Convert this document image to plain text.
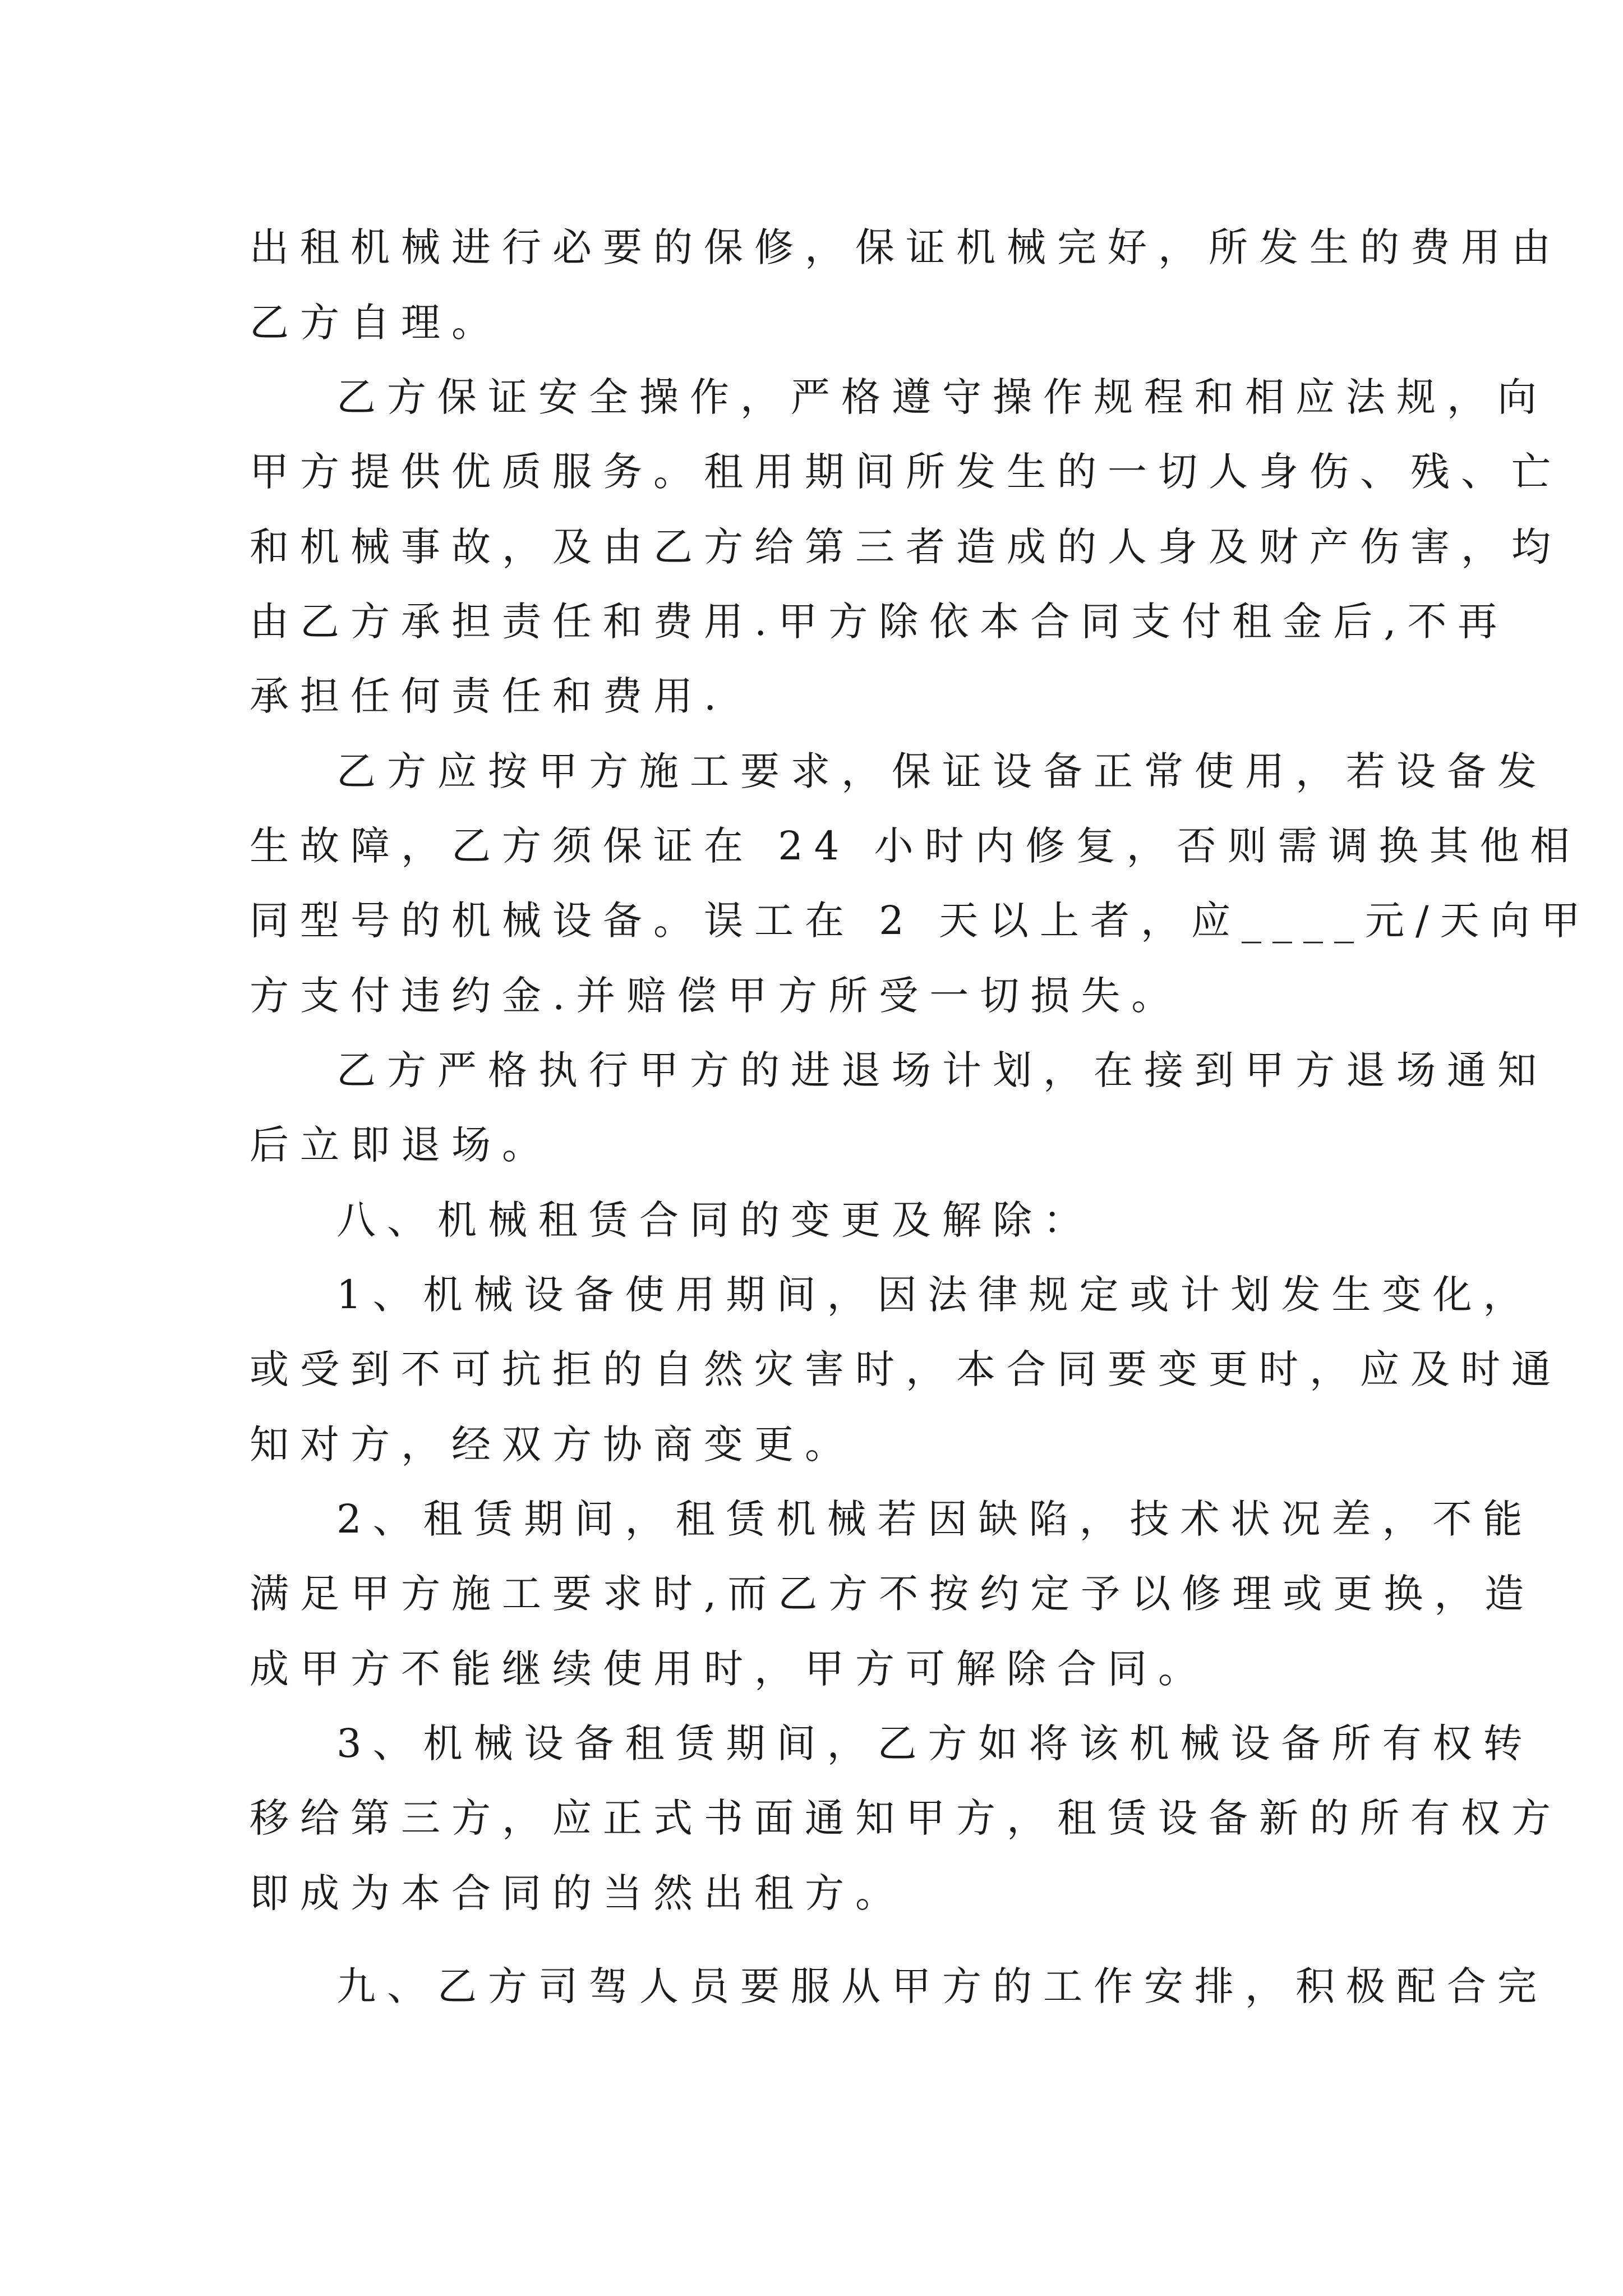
出租机械进行必要的保修，保证机械完好，所发生的费用由

乙方自理。

乙方保证安全操作，严格遵守操作规程和相应法规，向

甲方提供优质服务。租用期间所发生的一切人身伤、残、亡

和机械事故，及由乙方给第三者造成的人身及财产伤害，均

由乙方承担责任和费用.甲方除依本合同支付租金后,不再

承担任何责任和费用.

乙方应按甲方施工要求，保证设备正常使用，若设备发

生故障，乙方须保证在 24 小时内修复，否则需调换其他相

同型号的机械设备。误工在 2 天以上者，应____元/天向甲

方支付违约金.并赔偿甲方所受一切损失。

乙方严格执行甲方的进退场计划，在接到甲方退场通知

后立即退场。

八、机械租赁合同的变更及解除：

1、机械设备使用期间，因法律规定或计划发生变化，

或受到不可抗拒的自然灾害时，本合同要变更时，应及时通

知对方，经双方协商变更。

2、租赁期间，租赁机械若因缺陷，技术状况差，不能

满足甲方施工要求时,而乙方不按约定予以修理或更换，造

成甲方不能继续使用时，甲方可解除合同。

3、机械设备租赁期间，乙方如将该机械设备所有权转

移给第三方，应正式书面通知甲方，租赁设备新的所有权方

即成为本合同的当然出租方。

九、乙方司驾人员要服从甲方的工作安排，积极配合完
